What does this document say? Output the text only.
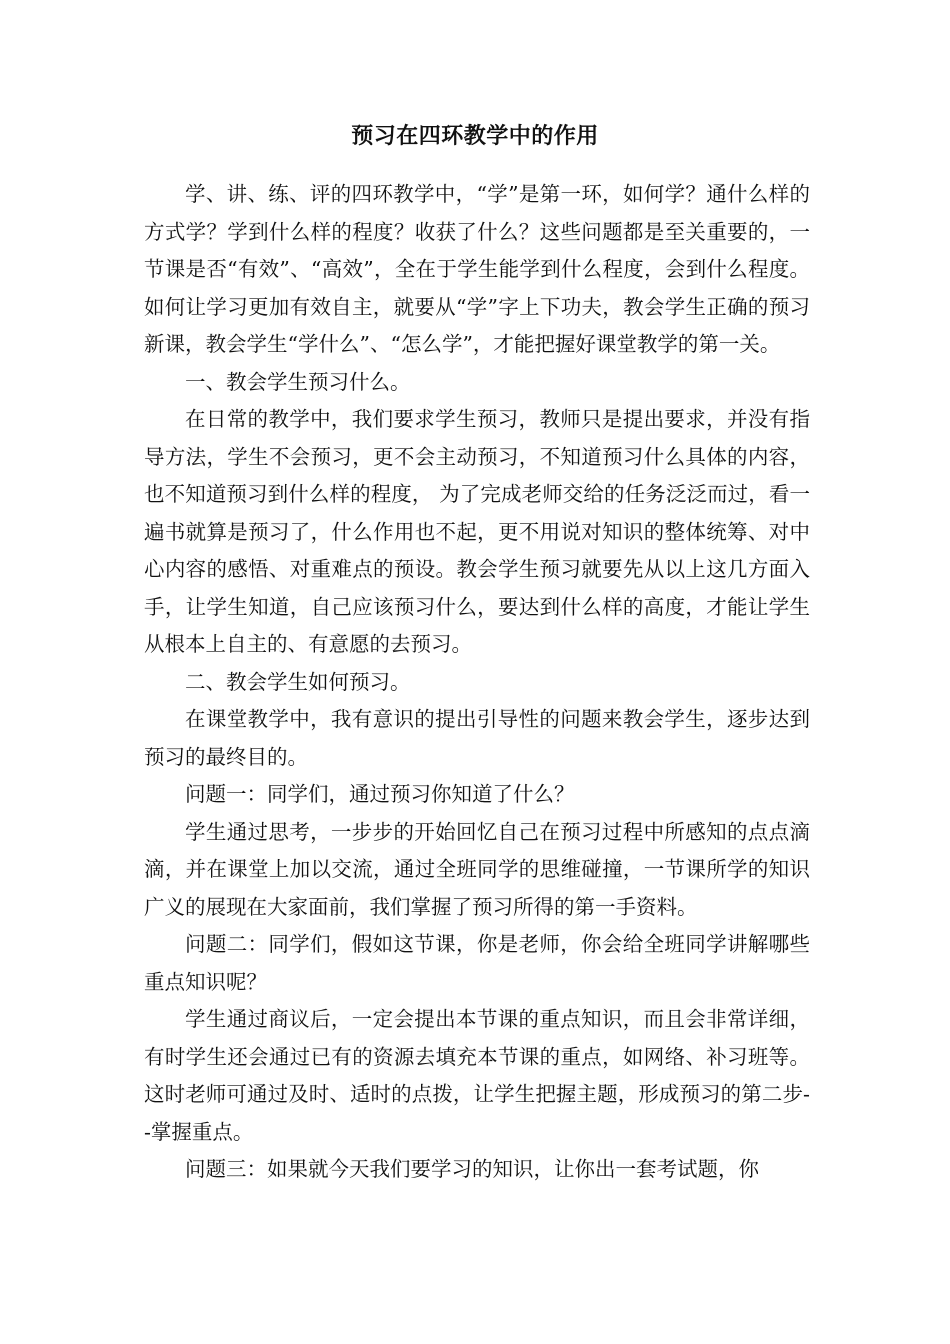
预习在四环教学中的作用

学、讲、练、评的四环教学中，“学”是第一环，如何学？通什么样的方式学？学到什么样的程度？收获了什么？这些问题都是至关重要的，一节课是否“有效”、“高效”，全在于学生能学到什么程度，会到什么程度。如何让学习更加有效自主，就要从“学”字上下功夫，教会学生正确的预习新课，教会学生“学什么”、“怎么学”，才能把握好课堂教学的第一关。

一、教会学生预习什么。

在日常的教学中，我们要求学生预习，教师只是提出要求，并没有指导方法，学生不会预习，更不会主动预习，不知道预习什么具体的内容，也不知道预习到什么样的程度， 为了完成老师交给的任务泛泛而过，看一遍书就算是预习了，什么作用也不起，更不用说对知识的整体统筹、对中心内容的感悟、对重难点的预设。教会学生预习就要先从以上这几方面入手，让学生知道，自己应该预习什么，要达到什么样的高度，才能让学生从根本上自主的、有意愿的去预习。

二、教会学生如何预习。

在课堂教学中，我有意识的提出引导性的问题来教会学生，逐步达到预习的最终目的。

问题一：同学们，通过预习你知道了什么？

学生通过思考，一步步的开始回忆自己在预习过程中所感知的点点滴滴，并在课堂上加以交流，通过全班同学的思维碰撞，一节课所学的知识广义的展现在大家面前，我们掌握了预习所得的第一手资料。

问题二：同学们，假如这节课，你是老师，你会给全班同学讲解哪些重点知识呢？

学生通过商议后，一定会提出本节课的重点知识，而且会非常详细，有时学生还会通过已有的资源去填充本节课的重点，如网络、补习班等。这时老师可通过及时、适时的点拨，让学生把握主题，形成预习的第二步--掌握重点。

问题三：如果就今天我们要学习的知识，让你出一套考试题，你
